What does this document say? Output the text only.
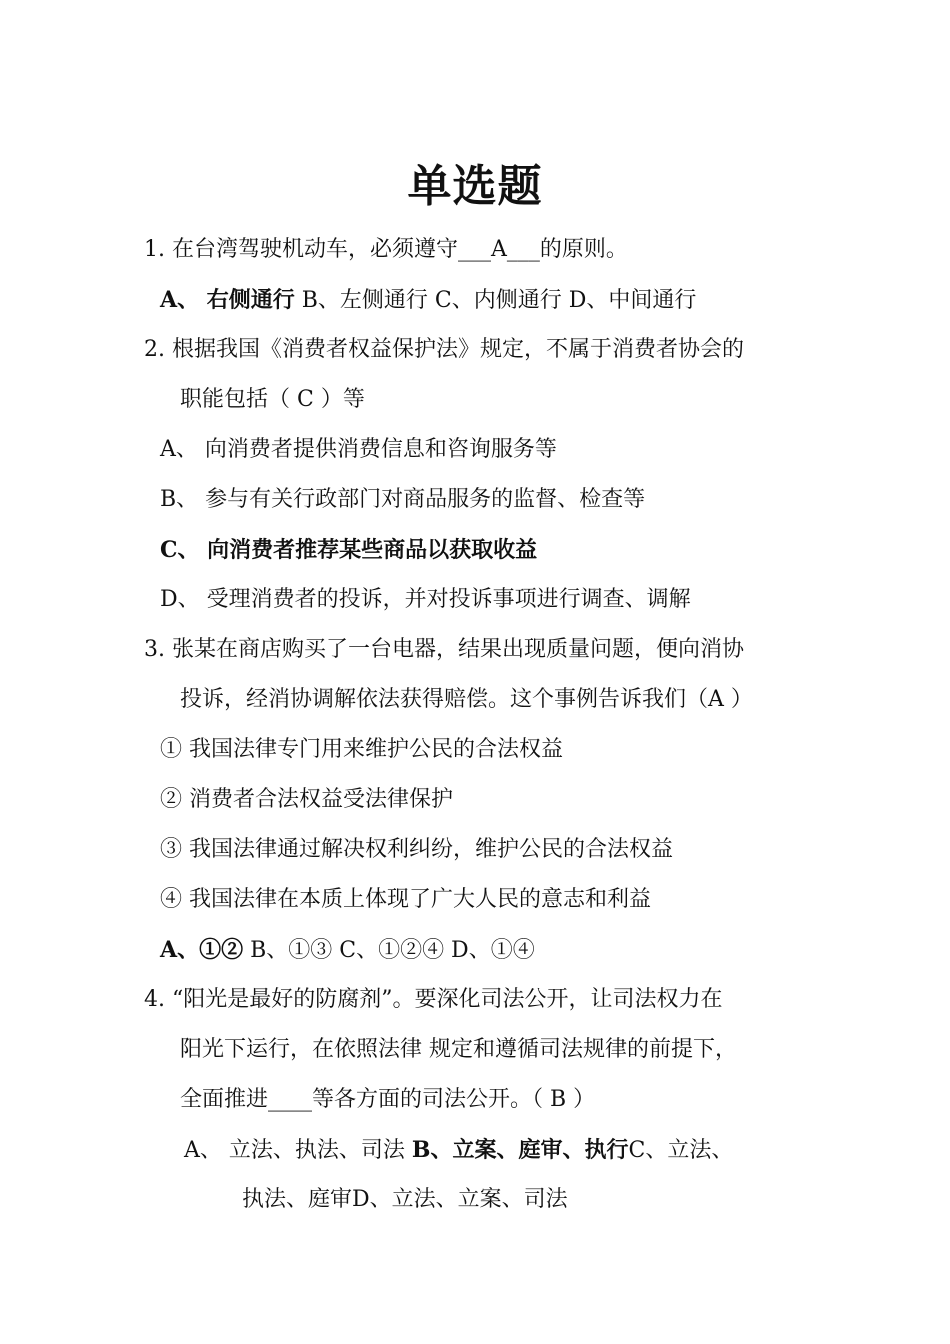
单选题
1. 在台湾驾驶机动车，必须遵守___A___的原则。
A、 右侧通行 B、左侧通行 C、内侧通行 D、中间通行
2. 根据我国《消费者权益保护法》规定，不属于消费者协会的
职能包括（ C ）等
A、 向消费者提供消费信息和咨询服务等
B、 参与有关行政部门对商品服务的监督、检查等
C、 向消费者推荐某些商品以获取收益
D、 受理消费者的投诉，并对投诉事项进行调查、调解
3. 张某在商店购买了一台电器，结果出现质量问题，便向消协
投诉，经消协调解依法获得赔偿。这个事例告诉我们（A ）
① 我国法律专门用来维护公民的合法权益
② 消费者合法权益受法律保护
③ 我国法律通过解决权利纠纷，维护公民的合法权益
④ 我国法律在本质上体现了广大人民的意志和利益
A、①② B、①③ C、①②④ D、①④
4. “阳光是最好的防腐剂”。要深化司法公开，让司法权力在
阳光下运行，在依照法律 规定和遵循司法规律的前提下，
全面推进____等各方面的司法公开。（ B ）
A、 立法、执法、司法 B、立案、庭审、执行C、立法、
执法、庭审D、立法、立案、司法
